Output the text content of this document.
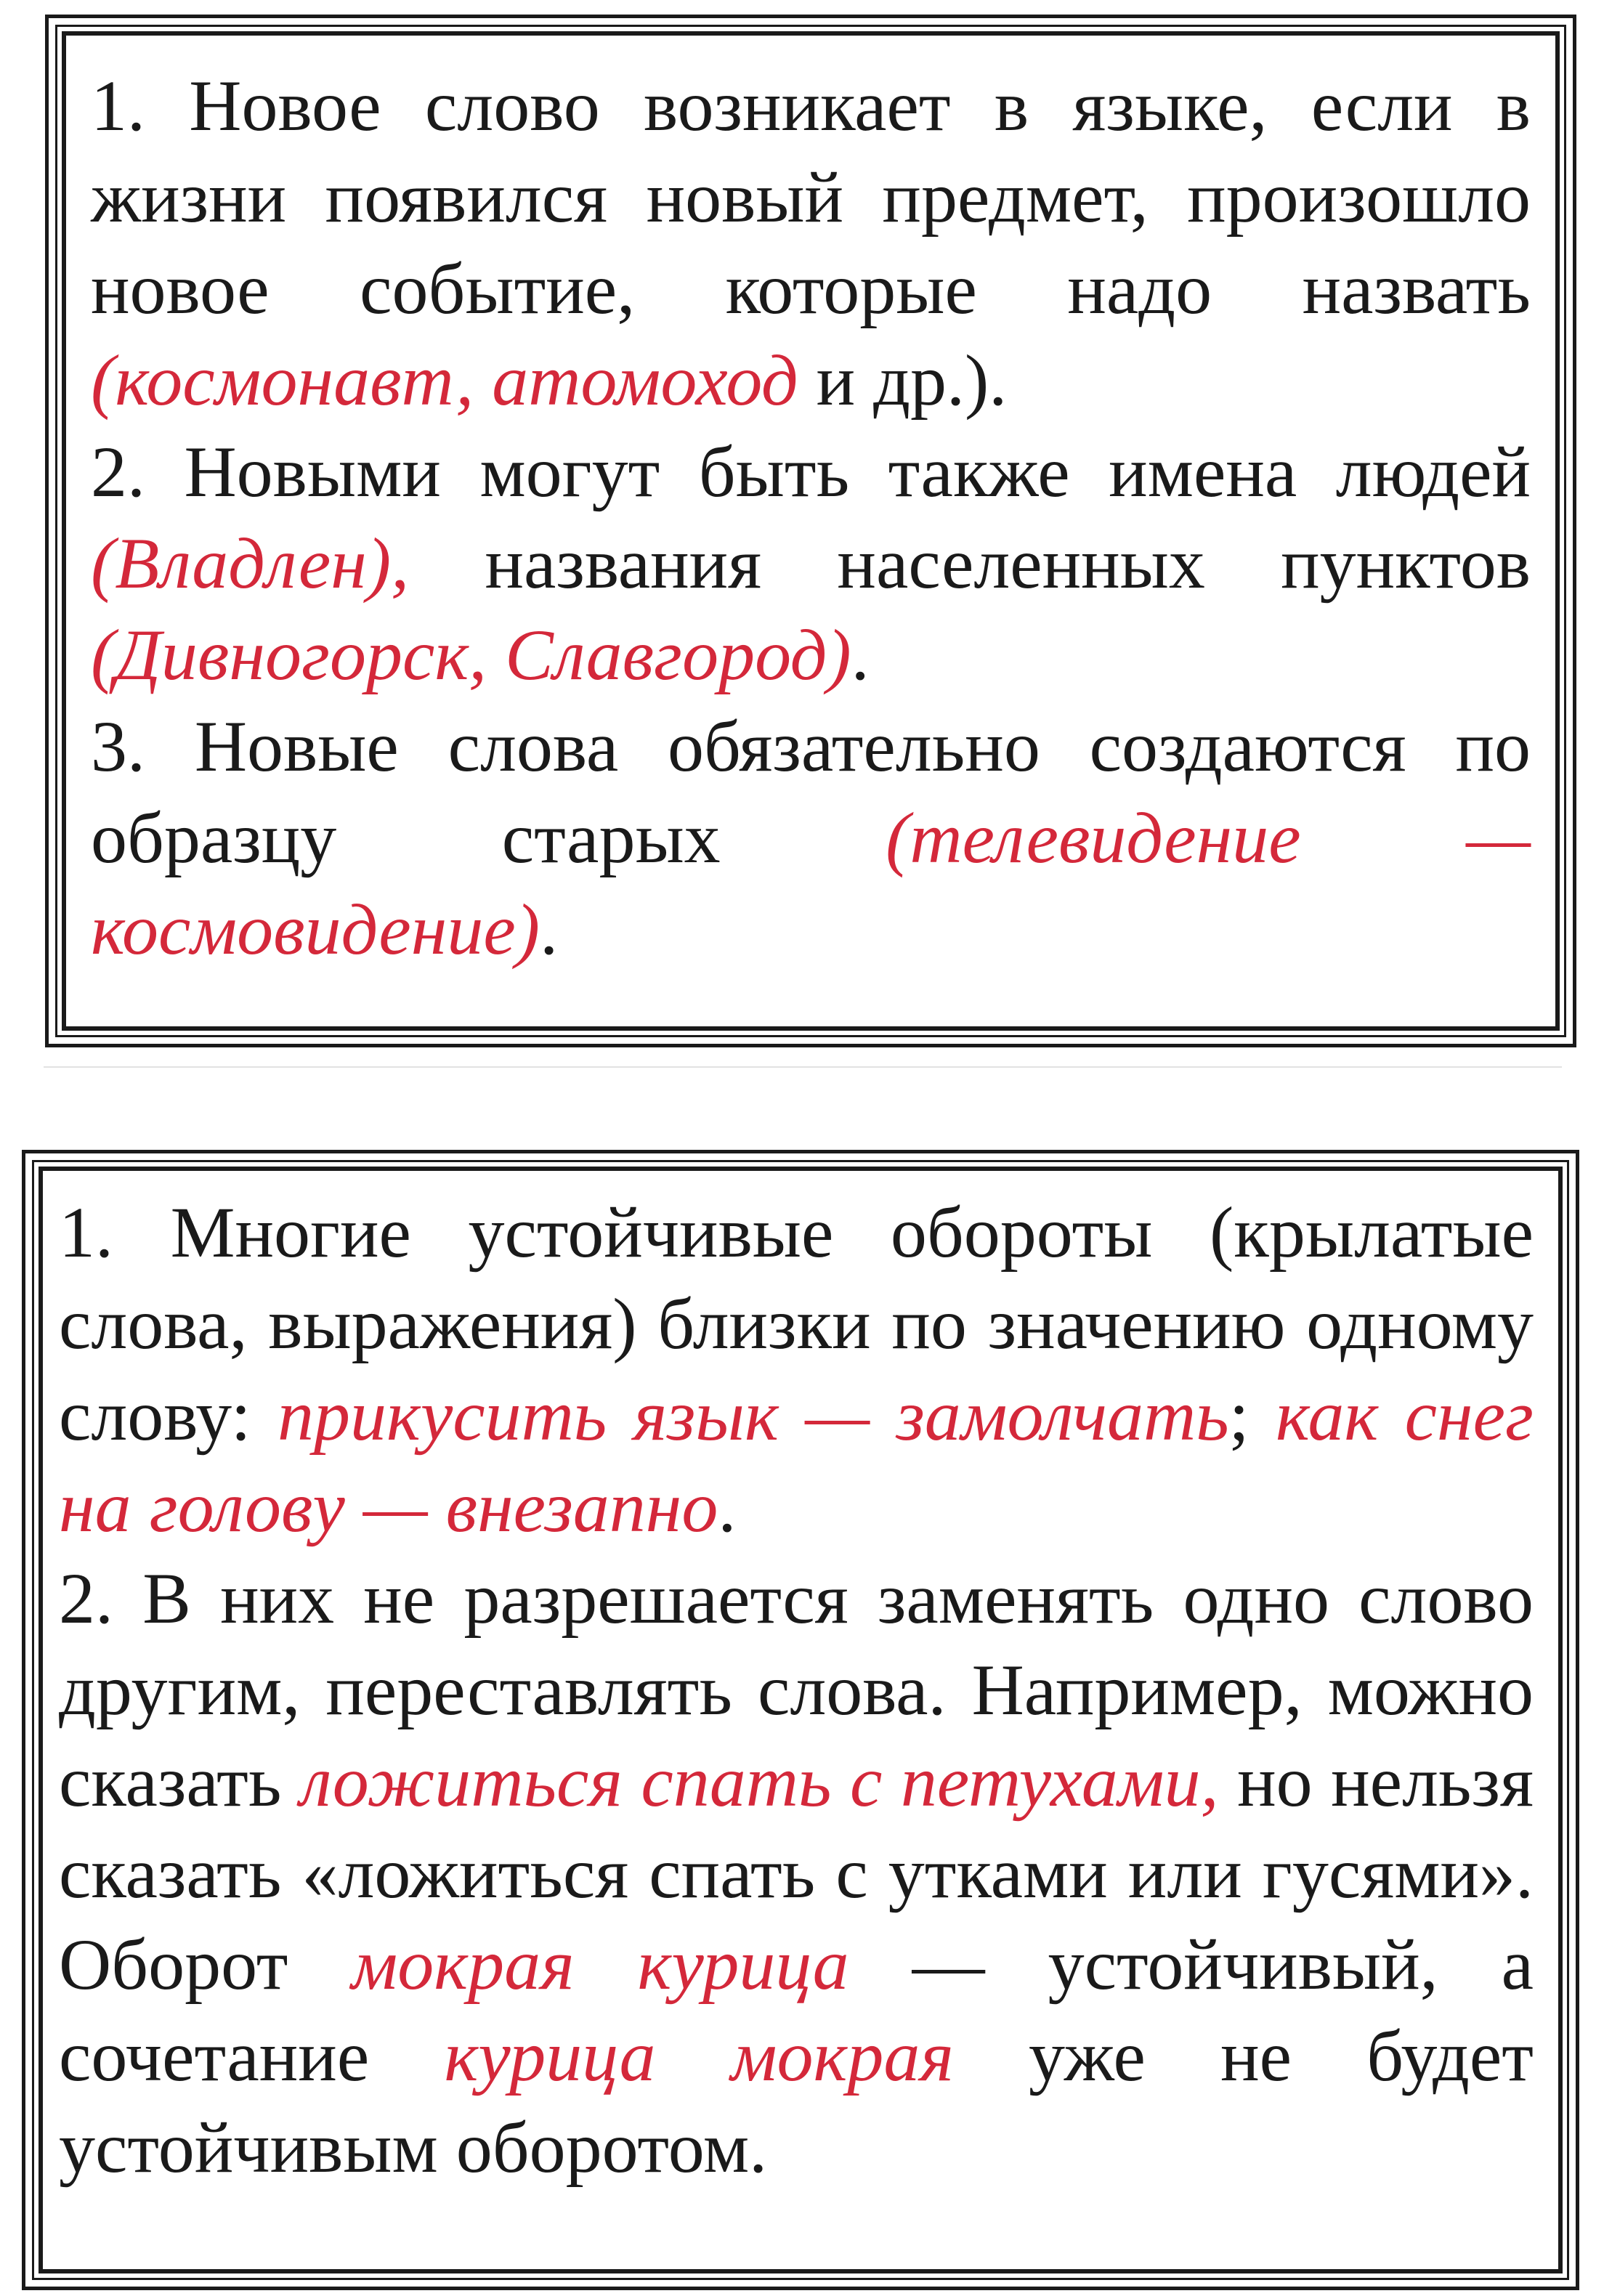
1. Новое слово возникает в языке, если в жизни появился новый предмет, произошло новое событие, которые надо назвать (космонавт, атомоход и др.).

2. Новыми могут быть также имена людей (Владлен), названия населенных пунктов (Дивногорск, Славгород).

3. Новые слова обязательно создаются по образцу старых (телевидение — космовидение).

1. Многие устойчивые обороты (крылатые слова, выражения) близки по значению одному слову: прикусить язык — замолчать; как снег на голову — внезапно.

2. В них не разрешается заменять одно слово другим, переставлять слова. Например, можно сказать ложиться спать с петухами, но нельзя сказать «ложиться спать с утками или гусями». Оборот мокрая курица — устойчивый, а сочетание курица мокрая уже не будет устойчивым оборотом.
